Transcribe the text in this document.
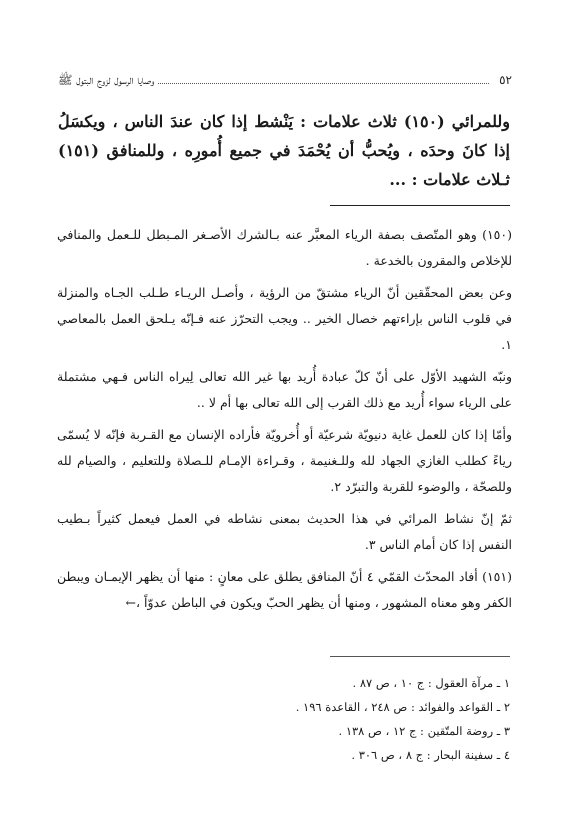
٥٢
وصايا الرسول لزوج البتول ﷺ
وللمرائي (١٥٠) ثلاث علامات : يَنْشط إذا كان عندَ الناس ، ويكسَلُ إذا كانَ وحدَه ، ويُحبُّ أن يُحْمَدَ في جميع أُمورِه ، وللمنافق (١٥١) ثـلاث علامات : ...

(١٥٠) وهو المتّصف بصفة الرياء المعبَّر عنه بـالشرك الأصـغر المـبطل للـعمل والمنافي للإخلاص والمقرون بالخدعة .

وعن بعض المحقّقين أنّ الرياء مشتقّ من الرؤية ، وأصـل الريـاء طـلب الجـاه والمنزلة في قلوب الناس بإراءتهم خصال الخير .. ويجب التحرّز عنه فـإنّه يـلحق العمل بالمعاصي ١.

ونبّه الشهيد الأوّل على أنّ كلّ عبادة أُريد بها غير الله تعالى لِيراه الناس فـهي مشتملة على الرياء سواء أُريد مع ذلك القرب إلى الله تعالى بها أم لا ..

وأمّا إذا كان للعمل غاية دنيويّة شرعيّة أو أُخرويّة فأراده الإنسان مع القـربة فإنّه لا يُسمّى رياءً كطلب الغازي الجهاد لله وللـغنيمة ، وقـراءة الإمـام للـصلاة وللتعليم ، والصيام لله وللصحّة ، والوضوء للقربة والتبرّد ٢.

ثمّ إنّ نشاط المرائي في هذا الحديث بمعنى نشاطه في العمل فيعمل كثيراً بـطيب النفس إذا كان أمام الناس ٣.

(١٥١) أفاد المحدّث القمّي ٤ أنّ المنافق يطلق على معانٍ : منها أن يظهر الإيمـان ويبطن الكفر وهو معناه المشهور ، ومنها أن يظهر الحبّ ويكون في الباطن عدوّاً ،←

١ ـ مرآة العقول : ج ١٠ ، ص ٨٧ .
٢ ـ القواعد والفوائد : ص ٢٤٨ ، القاعدة ١٩٦ .
٣ ـ روضة المتّقين : ج ١٢ ، ص ١٣٨ .
٤ ـ سفينة البحار : ج ٨ ، ص ٣٠٦ .
